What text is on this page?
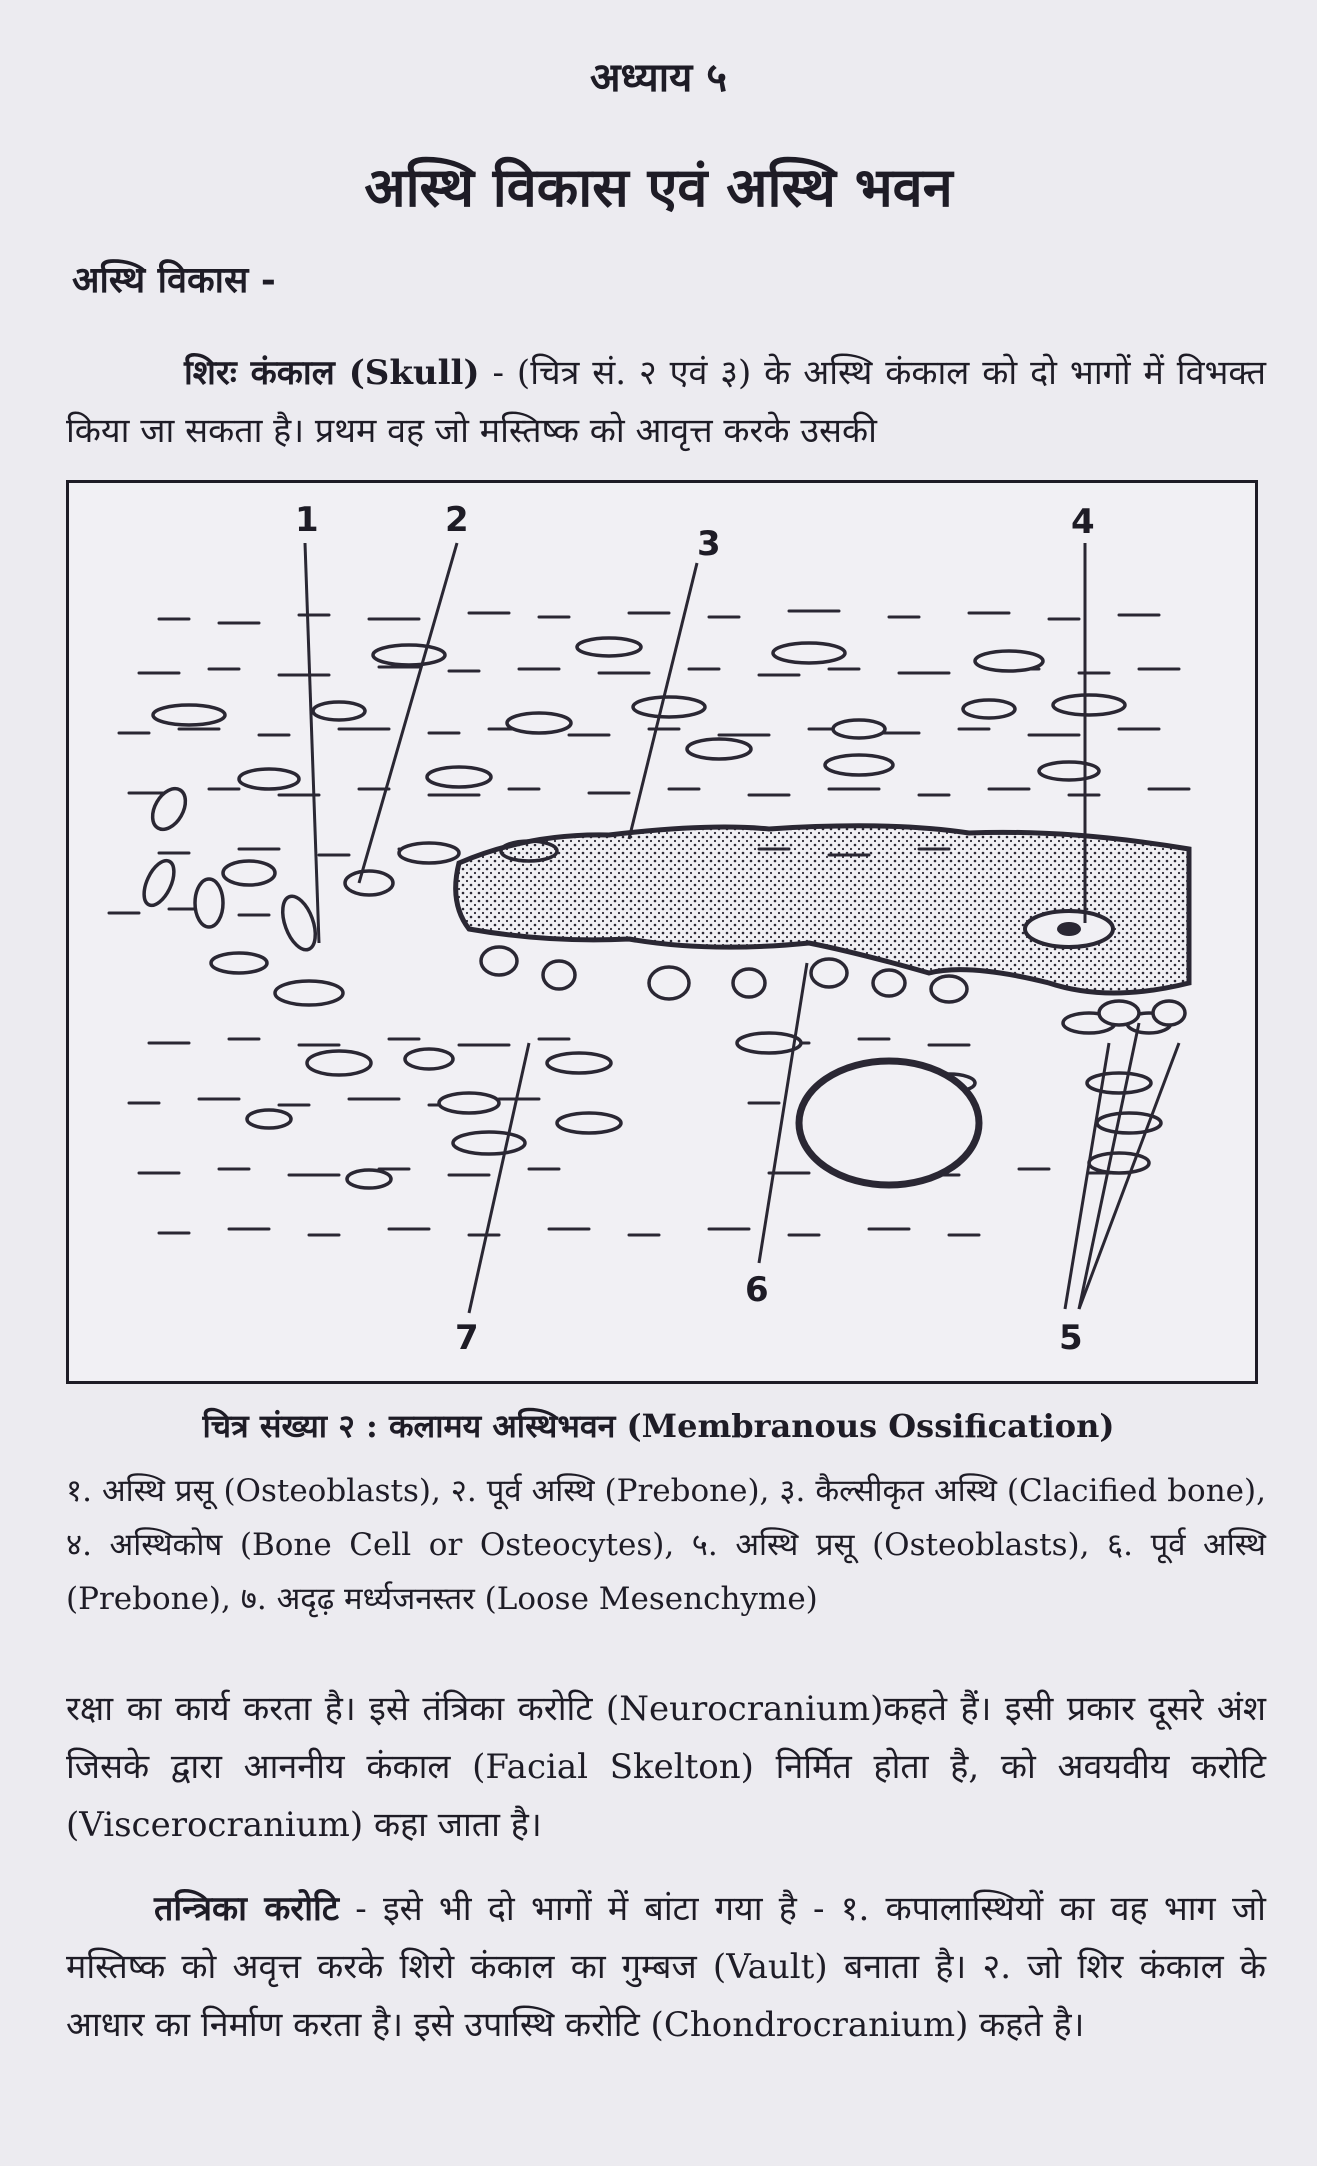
अध्याय ५
अस्थि विकास एवं अस्थि भवन
अस्थि विकास -
शिरः कंकाल (Skull) - (चित्र सं. २ एवं ३) के अस्थि कंकाल को दो भागों में विभक्त किया जा सकता है। प्रथम वह जो मस्तिष्क को आवृत्त करके उसकी
1	2
3
4
5
6
7
चित्र संख्या २ : कलामय अस्थिभवन (Membranous Ossification)
१. अस्थि प्रसू (Osteoblasts), २. पूर्व अस्थि (Prebone), ३. कैल्सीकृत अस्थि (Clacified bone), ४. अस्थिकोष (Bone Cell or Osteocytes), ५. अस्थि प्रसू (Osteoblasts), ६. पूर्व अस्थि (Prebone), ७. अदृढ़ मर्ध्यजनस्तर (Loose Mesenchyme)
रक्षा का कार्य करता है। इसे तंत्रिका करोटि (Neurocranium)कहते हैं। इसी प्रकार दूसरे अंश जिसके द्वारा आननीय कंकाल (Facial Skelton) निर्मित होता है, को अवयवीय करोटि (Viscerocranium) कहा जाता है।
तन्त्रिका करोटि - इसे भी दो भागों में बांटा गया है - १. कपालास्थियों का वह भाग जो मस्तिष्क को अवृत्त करके शिरो कंकाल का गुम्बज (Vault) बनाता है। २. जो शिर कंकाल के आधार का निर्माण करता है। इसे उपास्थि करोटि (Chondrocranium) कहते है।
